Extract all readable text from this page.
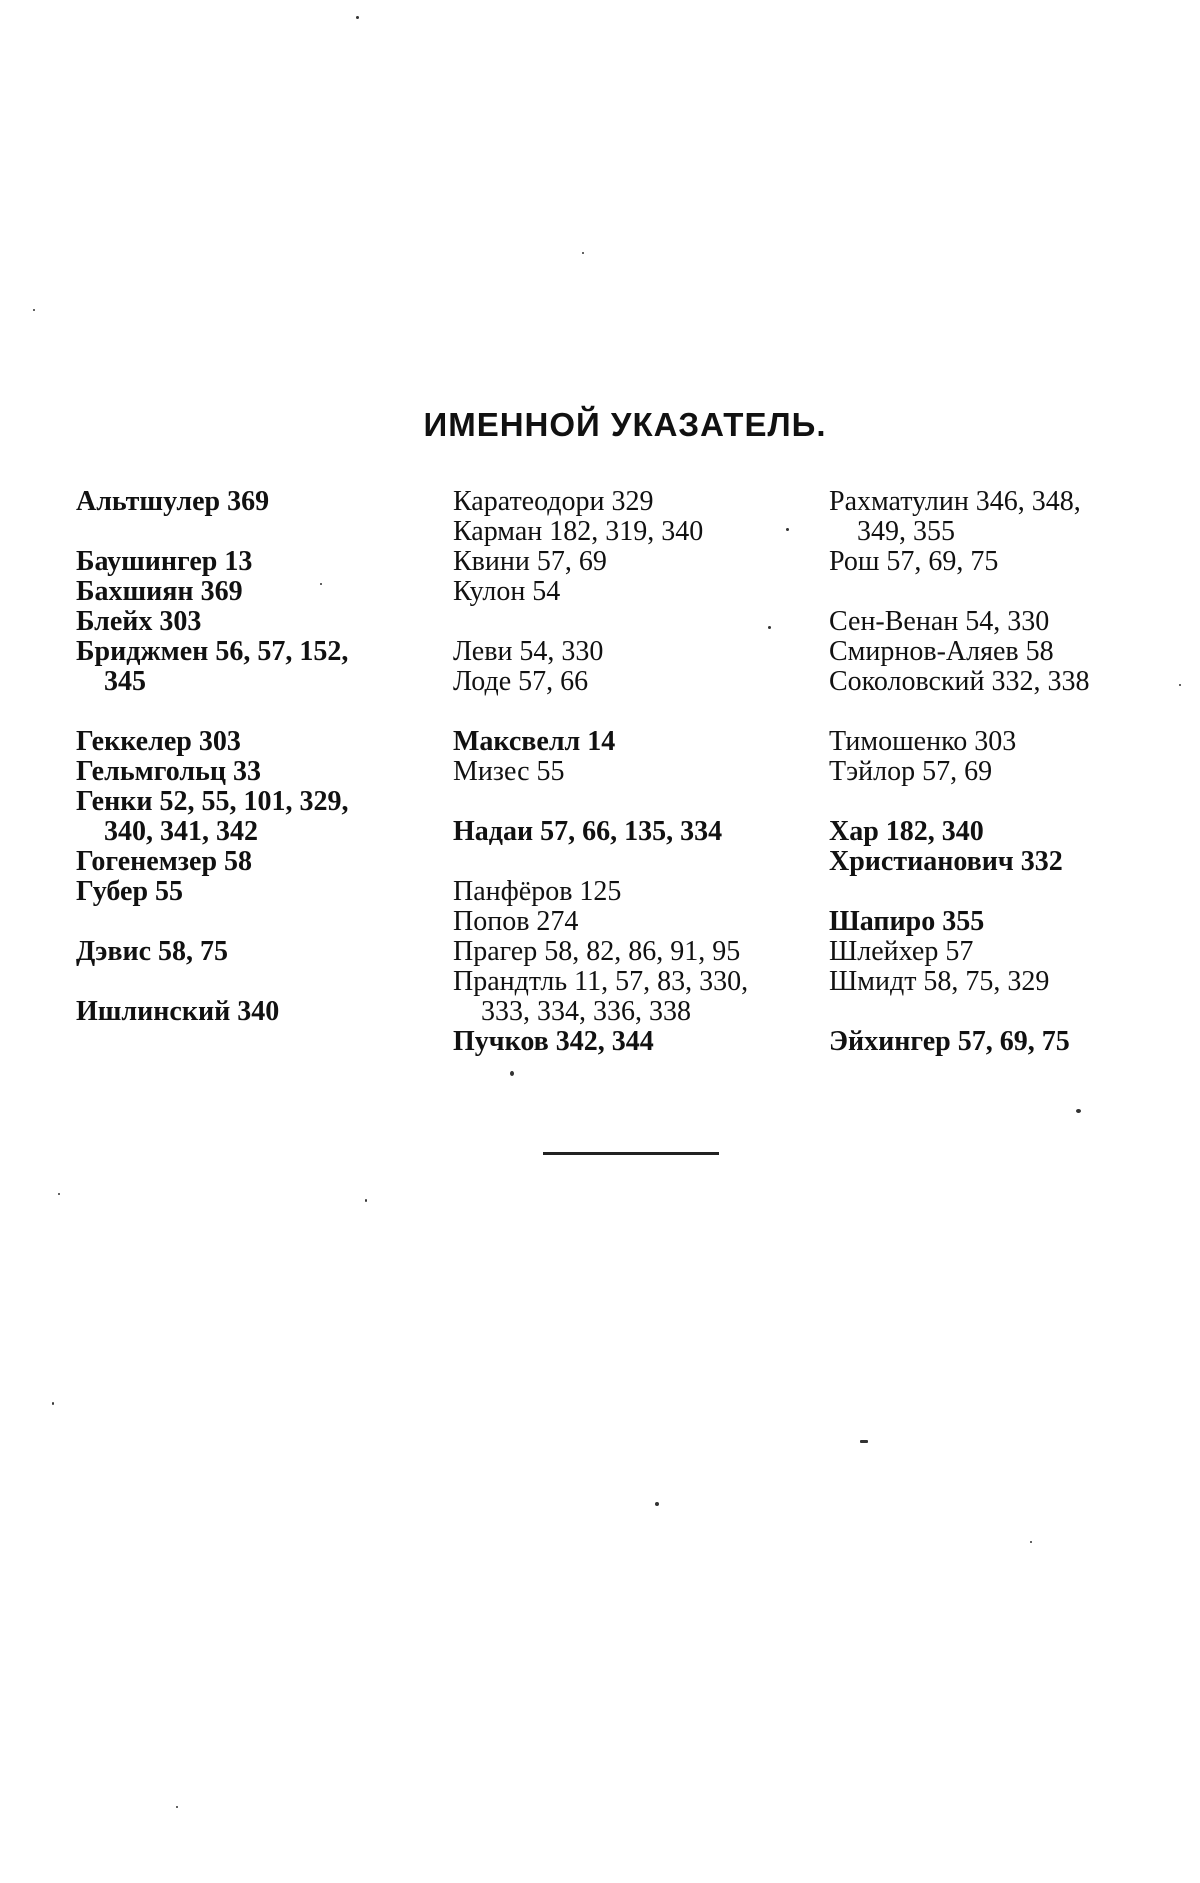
ИМЕННОЙ УКАЗАТЕЛЬ.
Альтшулер 369
Баушингер 13
Бахшиян 369
Блейх 303
Бриджмен 56, 57, 152,
345
Геккелер 303
Гельмгольц 33
Генки 52, 55, 101, 329,
340, 341, 342
Гогенемзер 58
Губер 55
Дэвис 58, 75
Ишлинский 340
Каратеодори 329
Карман 182, 319, 340
Квини 57, 69
Кулон 54
Леви 54, 330
Лоде 57, 66
Максвелл 14
Мизес 55
Надаи 57, 66, 135, 334
Панфёров 125
Попов 274
Прагер 58, 82, 86, 91, 95
Прандтль 11, 57, 83, 330,
333, 334, 336, 338
Пучков 342, 344
Рахматулин 346, 348,
349, 355
Рош 57, 69, 75
Сен-Венан 54, 330
Смирнов-Аляев 58
Соколовский 332, 338
Тимошенко 303
Тэйлор 57, 69
Хар 182, 340
Христианович 332
Шапиро 355
Шлейхер 57
Шмидт 58, 75, 329
Эйхингер 57, 69, 75
